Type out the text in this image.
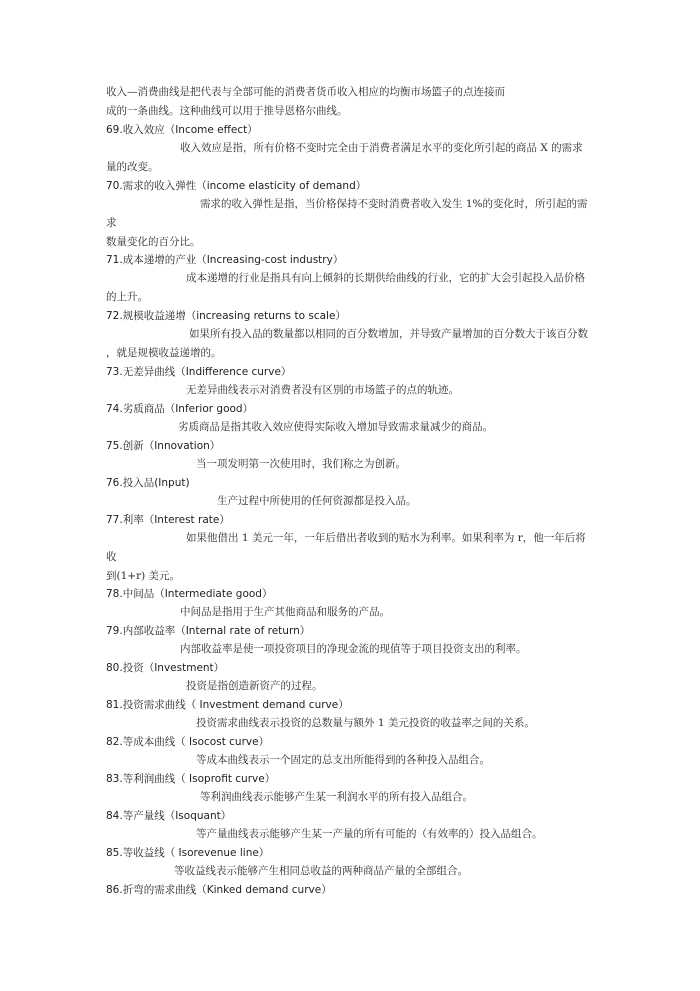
收入—消费曲线是把代表与全部可能的消费者货币收入相应的均衡市场篮子的点连接而
成的一条曲线。这种曲线可以用于推导恩格尔曲线。
69.收入效应（Income effect）
收入效应是指，所有价格不变时完全由于消费者满足水平的变化所引起的商品 X 的需求
量的改变。
70.需求的收入弹性（income elasticity of demand）
需求的收入弹性是指，当价格保持不变时消费者收入发生 1%的变化时，所引起的需
求
数量变化的百分比。
71.成本递增的产业（Increasing-cost industry）
成本递增的行业是指具有向上倾斜的长期供给曲线的行业，它的扩大会引起投入品价格
的上升。
72.规模收益递增（increasing returns to scale）
如果所有投入品的数量都以相同的百分数增加，并导致产量增加的百分数大于该百分数
，就是规模收益递增的。
73.无差异曲线（Indifference curve）
无差异曲线表示对消费者没有区别的市场篮子的点的轨迹。
74.劣质商品（Inferior good）
劣质商品是指其收入效应使得实际收入增加导致需求量减少的商品。
75.创新（Innovation）
当一项发明第一次使用时，我们称之为创新。
76.投入品(Input)
生产过程中所使用的任何资源都是投入品。
77.利率（Interest rate）
如果他借出 1 美元一年，一年后借出者收到的贴水为利率。如果利率为 r，他一年后将
收
到(1+r) 美元。
78.中间品（Intermediate good）
中间品是指用于生产其他商品和服务的产品。
79.内部收益率（Internal rate of return）
内部收益率是使一项投资项目的净现金流的现值等于项目投资支出的利率。
80.投资（Investment）
投资是指创造新资产的过程。
81.投资需求曲线（ Investment demand curve）
投资需求曲线表示投资的总数量与额外 1 美元投资的收益率之间的关系。
82.等成本曲线（ Isocost curve）
等成本曲线表示一个固定的总支出所能得到的各种投入品组合。
83.等利润曲线（ Isoprofit curve）
等利润曲线表示能够产生某一利润水平的所有投入品组合。
84.等产量线（Isoquant）
等产量曲线表示能够产生某一产量的所有可能的（有效率的）投入品组合。
85.等收益线（ Isorevenue line）
等收益线表示能够产生相同总收益的两种商品产量的全部组合。
86.折弯的需求曲线（Kinked demand curve）
